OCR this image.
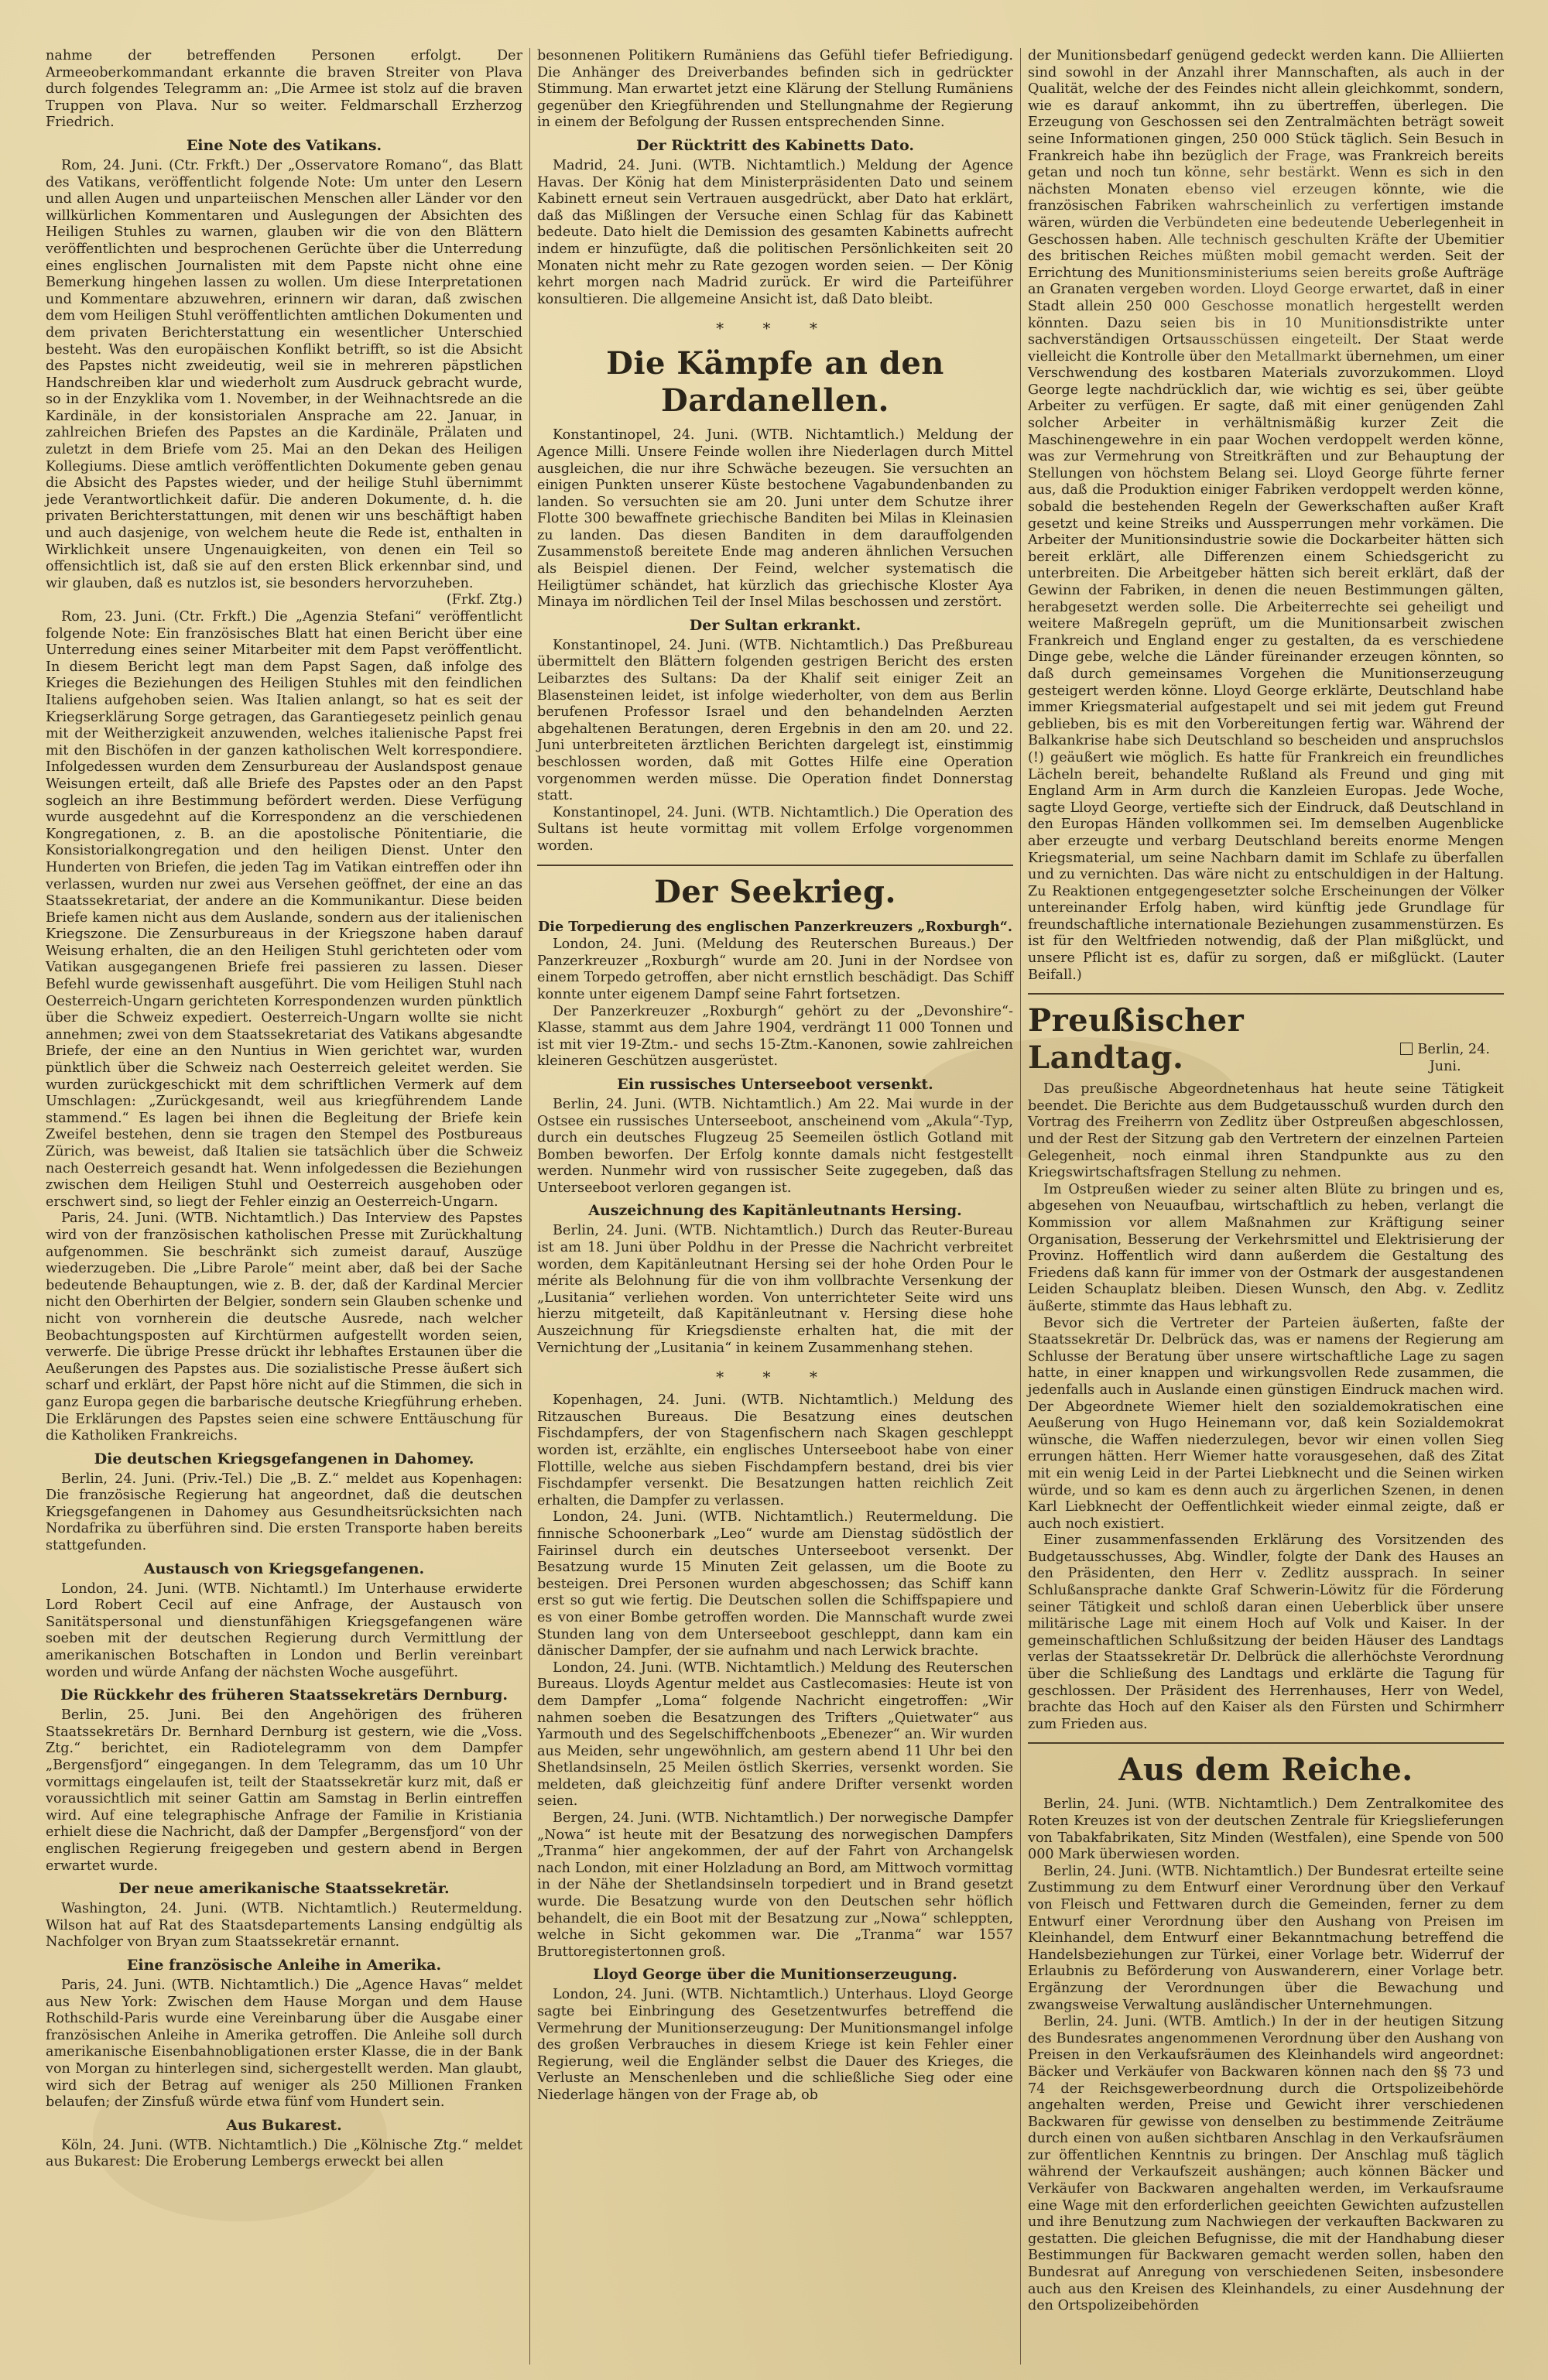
nahme der betreffenden Personen erfolgt. Der Armeeoberkommandant erkannte die braven Streiter von Plava durch folgendes Telegramm an: „Die Armee ist stolz auf die braven Truppen von Plava. Nur so weiter. Feldmarschall Erzherzog Friedrich.

Eine Note des Vatikans.

Rom, 24. Juni. (Ctr. Frkft.) Der „Osservatore Romano“, das Blatt des Vatikans, veröffentlicht folgende Note: Um unter den Lesern und allen Augen und unparteiischen Menschen aller Länder vor den willkürlichen Kommentaren und Auslegungen der Absichten des Heiligen Stuhles zu warnen, glauben wir die von den Blättern veröffentlichten und besprochenen Gerüchte über die Unterredung eines englischen Journalisten mit dem Papste nicht ohne eine Bemerkung hingehen lassen zu wollen. Um diese Interpretationen und Kommentare abzuwehren, erinnern wir daran, daß zwischen dem vom Heiligen Stuhl veröffentlichten amtlichen Dokumenten und dem privaten Berichterstattung ein wesentlicher Unterschied besteht. Was den europäischen Konflikt betrifft, so ist die Absicht des Papstes nicht zweideutig, weil sie in mehreren päpstlichen Handschreiben klar und wiederholt zum Ausdruck gebracht wurde, so in der Enzyklika vom 1. November, in der Weihnachtsrede an die Kardinäle, in der konsistorialen Ansprache am 22. Januar, in zahlreichen Briefen des Papstes an die Kardinäle, Prälaten und zuletzt in dem Briefe vom 25. Mai an den Dekan des Heiligen Kollegiums. Diese amtlich veröffentlichten Dokumente geben genau die Absicht des Papstes wieder, und der heilige Stuhl übernimmt jede Verantwortlichkeit dafür. Die anderen Dokumente, d. h. die privaten Berichterstattungen, mit denen wir uns beschäftigt haben und auch dasjenige, von welchem heute die Rede ist, enthalten in Wirklichkeit unsere Ungenauigkeiten, von denen ein Teil so offensichtlich ist, daß sie auf den ersten Blick erkennbar sind, und wir glauben, daß es nutzlos ist, sie besonders hervorzuheben.

(Frkf. Ztg.)

Rom, 23. Juni. (Ctr. Frkft.) Die „Agenzia Stefani“ veröffentlicht folgende Note: Ein französisches Blatt hat einen Bericht über eine Unterredung eines seiner Mitarbeiter mit dem Papst veröffentlicht. In diesem Bericht legt man dem Papst Sagen, daß infolge des Krieges die Beziehungen des Heiligen Stuhles mit den feindlichen Italiens aufgehoben seien. Was Italien anlangt, so hat es seit der Kriegserklärung Sorge getragen, das Garantiegesetz peinlich genau mit der Weitherzigkeit anzuwenden, welches italienische Papst frei mit den Bischöfen in der ganzen katholischen Welt korrespondiere. Infolgedessen wurden dem Zensurbureau der Auslandspost genaue Weisungen erteilt, daß alle Briefe des Papstes oder an den Papst sogleich an ihre Bestimmung befördert werden. Diese Verfügung wurde ausgedehnt auf die Korrespondenz an die verschiedenen Kongregationen, z. B. an die apostolische Pönitentiarie, die Konsistorialkongregation und den heiligen Dienst. Unter den Hunderten von Briefen, die jeden Tag im Vatikan eintreffen oder ihn verlassen, wurden nur zwei aus Versehen geöffnet, der eine an das Staatssekretariat, der andere an die Kommunikantur. Diese beiden Briefe kamen nicht aus dem Auslande, sondern aus der italienischen Kriegszone. Die Zensurbureaus in der Kriegszone haben darauf Weisung erhalten, die an den Heiligen Stuhl gerichteten oder vom Vatikan ausgegangenen Briefe frei passieren zu lassen. Dieser Befehl wurde gewissenhaft ausgeführt. Die vom Heiligen Stuhl nach Oesterreich-Ungarn gerichteten Korrespondenzen wurden pünktlich über die Schweiz expediert. Oesterreich-Ungarn wollte sie nicht annehmen; zwei von dem Staatssekretariat des Vatikans abgesandte Briefe, der eine an den Nuntius in Wien gerichtet war, wurden pünktlich über die Schweiz nach Oesterreich geleitet werden. Sie wurden zurückgeschickt mit dem schriftlichen Vermerk auf dem Umschlagen: „Zurückgesandt, weil aus kriegführendem Lande stammend.“ Es lagen bei ihnen die Begleitung der Briefe kein Zweifel bestehen, denn sie tragen den Stempel des Postbureaus Zürich, was beweist, daß Italien sie tatsächlich über die Schweiz nach Oesterreich gesandt hat. Wenn infolgedessen die Beziehungen zwischen dem Heiligen Stuhl und Oesterreich ausgehoben oder erschwert sind, so liegt der Fehler einzig an Oesterreich-Ungarn.

Paris, 24. Juni. (WTB. Nichtamtlich.) Das Interview des Papstes wird von der französischen katholischen Presse mit Zurückhaltung aufgenommen. Sie beschränkt sich zumeist darauf, Auszüge wiederzugeben. Die „Libre Parole“ meint aber, daß bei der Sache bedeutende Behauptungen, wie z. B. der, daß der Kardinal Mercier nicht den Oberhirten der Belgier, sondern sein Glauben schenke und nicht von vornherein die deutsche Ausrede, nach welcher Beobachtungsposten auf Kirchtürmen aufgestellt worden seien, verwerfe. Die übrige Presse drückt ihr lebhaftes Erstaunen über die Aeußerungen des Papstes aus. Die sozialistische Presse äußert sich scharf und erklärt, der Papst höre nicht auf die Stimmen, die sich in ganz Europa gegen die barbarische deutsche Kriegführung erheben. Die Erklärungen des Papstes seien eine schwere Enttäuschung für die Katholiken Frankreichs.

Die deutschen Kriegsgefangenen in Dahomey.

Berlin, 24. Juni. (Priv.-Tel.) Die „B. Z.“ meldet aus Kopenhagen: Die französische Regierung hat angeordnet, daß die deutschen Kriegsgefangenen in Dahomey aus Gesundheitsrücksichten nach Nordafrika zu überführen sind. Die ersten Transporte haben bereits stattgefunden.

Austausch von Kriegsgefangenen.

London, 24. Juni. (WTB. Nichtamtl.) Im Unterhause erwiderte Lord Robert Cecil auf eine Anfrage, der Austausch von Sanitätspersonal und dienstunfähigen Kriegsgefangenen wäre soeben mit der deutschen Regierung durch Vermittlung der amerikanischen Botschaften in London und Berlin vereinbart worden und würde Anfang der nächsten Woche ausgeführt.

Die Rückkehr des früheren Staatssekretärs Dernburg.

Berlin, 25. Juni. Bei den Angehörigen des früheren Staatssekretärs Dr. Bernhard Dernburg ist gestern, wie die „Voss. Ztg.“ berichtet, ein Radiotelegramm von dem Dampfer „Bergensfjord“ eingegangen. In dem Telegramm, das um 10 Uhr vormittags eingelaufen ist, teilt der Staatssekretär kurz mit, daß er voraussichtlich mit seiner Gattin am Samstag in Berlin eintreffen wird. Auf eine telegraphische Anfrage der Familie in Kristiania erhielt diese die Nachricht, daß der Dampfer „Bergensfjord“ von der englischen Regierung freigegeben und gestern abend in Bergen erwartet wurde.

Der neue amerikanische Staatssekretär.

Washington, 24. Juni. (WTB. Nichtamtlich.) Reutermeldung. Wilson hat auf Rat des Staatsdepartements Lansing endgültig als Nachfolger von Bryan zum Staatssekretär ernannt.

Eine französische Anleihe in Amerika.

Paris, 24. Juni. (WTB. Nichtamtlich.) Die „Agence Havas“ meldet aus New York: Zwischen dem Hause Morgan und dem Hause Rothschild-Paris wurde eine Vereinbarung über die Ausgabe einer französischen Anleihe in Amerika getroffen. Die Anleihe soll durch amerikanische Eisenbahnobligationen erster Klasse, die in der Bank von Morgan zu hinterlegen sind, sichergestellt werden. Man glaubt, wird sich der Betrag auf weniger als 250 Millionen Franken belaufen; der Zinsfuß würde etwa fünf vom Hundert sein.

Aus Bukarest.

Köln, 24. Juni. (WTB. Nichtamtlich.) Die „Kölnische Ztg.“ meldet aus Bukarest: Die Eroberung Lembergs erweckt bei allen

besonnenen Politikern Rumäniens das Gefühl tiefer Befriedigung. Die Anhänger des Dreiverbandes befinden sich in gedrückter Stimmung. Man erwartet jetzt eine Klärung der Stellung Rumäniens gegenüber den Kriegführenden und Stellungnahme der Regierung in einem der Befolgung der Russen entsprechenden Sinne.

Der Rücktritt des Kabinetts Dato.

Madrid, 24. Juni. (WTB. Nichtamtlich.) Meldung der Agence Havas. Der König hat dem Ministerpräsidenten Dato und seinem Kabinett erneut sein Vertrauen ausgedrückt, aber Dato hat erklärt, daß das Mißlingen der Versuche einen Schlag für das Kabinett bedeute. Dato hielt die Demission des gesamten Kabinetts aufrecht indem er hinzufügte, daß die politischen Persönlichkeiten seit 20 Monaten nicht mehr zu Rate gezogen worden seien. — Der König kehrt morgen nach Madrid zurück. Er wird die Parteiführer konsultieren. Die allgemeine Ansicht ist, daß Dato bleibt.

* * *
Die Kämpfe an den Dardanellen.

Konstantinopel, 24. Juni. (WTB. Nichtamtlich.) Meldung der Agence Milli. Unsere Feinde wollen ihre Niederlagen durch Mittel ausgleichen, die nur ihre Schwäche bezeugen. Sie versuchten an einigen Punkten unserer Küste bestochene Vagabundenbanden zu landen. So versuchten sie am 20. Juni unter dem Schutze ihrer Flotte 300 bewaffnete griechische Banditen bei Milas in Kleinasien zu landen. Das diesen Banditen in dem darauffolgenden Zusammenstoß bereitete Ende mag anderen ähnlichen Versuchen als Beispiel dienen. Der Feind, welcher systematisch die Heiligtümer schändet, hat kürzlich das griechische Kloster Aya Minaya im nördlichen Teil der Insel Milas beschossen und zerstört.

Der Sultan erkrankt.

Konstantinopel, 24. Juni. (WTB. Nichtamtlich.) Das Preßbureau übermittelt den Blättern folgenden gestrigen Bericht des ersten Leibarztes des Sultans: Da der Khalif seit einiger Zeit an Blasensteinen leidet, ist infolge wiederholter, von dem aus Berlin berufenen Professor Israel und den behandelnden Aerzten abgehaltenen Beratungen, deren Ergebnis in den am 20. und 22. Juni unterbreiteten ärztlichen Berichten dargelegt ist, einstimmig beschlossen worden, daß mit Gottes Hilfe eine Operation vorgenommen werden müsse. Die Operation findet Donnerstag statt.

Konstantinopel, 24. Juni. (WTB. Nichtamtlich.) Die Operation des Sultans ist heute vormittag mit vollem Erfolge vorgenommen worden.

Der Seekrieg.
Die Torpedierung des englischen Panzerkreuzers „Roxburgh“.

London, 24. Juni. (Meldung des Reuterschen Bureaus.) Der Panzerkreuzer „Roxburgh“ wurde am 20. Juni in der Nordsee von einem Torpedo getroffen, aber nicht ernstlich beschädigt. Das Schiff konnte unter eigenem Dampf seine Fahrt fortsetzen.

Der Panzerkreuzer „Roxburgh“ gehört zu der „Devonshire“-Klasse, stammt aus dem Jahre 1904, verdrängt 11 000 Tonnen und ist mit vier 19-Ztm.- und sechs 15-Ztm.-Kanonen, sowie zahlreichen kleineren Geschützen ausgerüstet.

Ein russisches Unterseeboot versenkt.

Berlin, 24. Juni. (WTB. Nichtamtlich.) Am 22. Mai wurde in der Ostsee ein russisches Unterseeboot, anscheinend vom „Akula“-Typ, durch ein deutsches Flugzeug 25 Seemeilen östlich Gotland mit Bomben beworfen. Der Erfolg konnte damals nicht festgestellt werden. Nunmehr wird von russischer Seite zugegeben, daß das Unterseeboot verloren gegangen ist.

Auszeichnung des Kapitänleutnants Hersing.

Berlin, 24. Juni. (WTB. Nichtamtlich.) Durch das Reuter-Bureau ist am 18. Juni über Poldhu in der Presse die Nachricht verbreitet worden, dem Kapitänleutnant Hersing sei der hohe Orden Pour le mérite als Belohnung für die von ihm vollbrachte Versenkung der „Lusitania“ verliehen worden. Von unterrichteter Seite wird uns hierzu mitgeteilt, daß Kapitänleutnant v. Hersing diese hohe Auszeichnung für Kriegsdienste erhalten hat, die mit der Vernichtung der „Lusitania“ in keinem Zusammenhang stehen.

* * *

Kopenhagen, 24. Juni. (WTB. Nichtamtlich.) Meldung des Ritzauschen Bureaus. Die Besatzung eines deutschen Fischdampfers, der von Stagenfischern nach Skagen geschleppt worden ist, erzählte, ein englisches Unterseeboot habe von einer Flottille, welche aus sieben Fischdampfern bestand, drei bis vier Fischdampfer versenkt. Die Besatzungen hatten reichlich Zeit erhalten, die Dampfer zu verlassen.

London, 24. Juni. (WTB. Nichtamtlich.) Reutermeldung. Die finnische Schoonerbark „Leo“ wurde am Dienstag südöstlich der Fairinsel durch ein deutsches Unterseeboot versenkt. Der Besatzung wurde 15 Minuten Zeit gelassen, um die Boote zu besteigen. Drei Personen wurden abgeschossen; das Schiff kann erst so gut wie fertig. Die Deutschen sollen die Schiffspapiere und es von einer Bombe getroffen worden. Die Mannschaft wurde zwei Stunden lang von dem Unterseeboot geschleppt, dann kam ein dänischer Dampfer, der sie aufnahm und nach Lerwick brachte.

London, 24. Juni. (WTB. Nichtamtlich.) Meldung des Reuterschen Bureaus. Lloyds Agentur meldet aus Castlecomasies: Heute ist von dem Dampfer „Loma“ folgende Nachricht eingetroffen: „Wir nahmen soeben die Besatzungen des Trifters „Quietwater“ aus Yarmouth und des Segelschiffchenboots „Ebenezer“ an. Wir wurden aus Meiden, sehr ungewöhnlich, am gestern abend 11 Uhr bei den Shetlandsinseln, 25 Meilen östlich Skerries, versenkt worden. Sie meldeten, daß gleichzeitig fünf andere Drifter versenkt worden seien.

Bergen, 24. Juni. (WTB. Nichtamtlich.) Der norwegische Dampfer „Nowa“ ist heute mit der Besatzung des norwegischen Dampfers „Tranma“ hier angekommen, der auf der Fahrt von Archangelsk nach London, mit einer Holzladung an Bord, am Mittwoch vormittag in der Nähe der Shetlandsinseln torpediert und in Brand gesetzt wurde. Die Besatzung wurde von den Deutschen sehr höflich behandelt, die ein Boot mit der Besatzung zur „Nowa“ schleppten, welche in Sicht gekommen war. Die „Tranma“ war 1557 Bruttoregistertonnen groß.

Lloyd George über die Munitionserzeugung.

London, 24. Juni. (WTB. Nichtamtlich.) Unterhaus. Lloyd George sagte bei Einbringung des Gesetzentwurfes betreffend die Vermehrung der Munitionserzeugung: Der Munitionsmangel infolge des großen Verbrauches in diesem Kriege ist kein Fehler einer Regierung, weil die Engländer selbst die Dauer des Krieges, die Verluste an Menschenleben und die schließliche Sieg oder eine Niederlage hängen von der Frage ab, ob

der Munitionsbedarf genügend gedeckt werden kann. Die Alliierten sind sowohl in der Anzahl ihrer Mannschaften, als auch in der Qualität, welche der des Feindes nicht allein gleichkommt, sondern, wie es darauf ankommt, ihn zu übertreffen, überlegen. Die Erzeugung von Geschossen sei den Zentralmächten beträgt soweit seine Informationen gingen, 250 000 Stück täglich. Sein Besuch in Frankreich habe ihn bezüglich der Frage, was Frankreich bereits getan und noch tun könne, sehr bestärkt. Wenn es sich in den nächsten Monaten ebenso viel erzeugen könnte, wie die französischen Fabriken wahrscheinlich zu verfertigen imstande wären, würden die Verbündeten eine bedeutende Ueberlegenheit in Geschossen haben. Alle technisch geschulten Kräfte der Ubemitier des britischen Reiches müßten mobil gemacht werden. Seit der Errichtung des Munitionsministeriums seien bereits große Aufträge an Granaten vergeben worden. Lloyd George erwartet, daß in einer Stadt allein 250 000 Geschosse monatlich hergestellt werden könnten. Dazu seien bis in 10 Munitionsdistrikte unter sachverständigen Ortsausschüssen eingeteilt. Der Staat werde vielleicht die Kontrolle über den Metallmarkt übernehmen, um einer Verschwendung des kostbaren Materials zuvorzukommen. Lloyd George legte nachdrücklich dar, wie wichtig es sei, über geübte Arbeiter zu verfügen. Er sagte, daß mit einer genügenden Zahl solcher Arbeiter in verhältnismäßig kurzer Zeit die Maschinengewehre in ein paar Wochen verdoppelt werden könne, was zur Vermehrung von Streitkräften und zur Behauptung der Stellungen von höchstem Belang sei. Lloyd George führte ferner aus, daß die Produktion einiger Fabriken verdoppelt werden könne, sobald die bestehenden Regeln der Gewerkschaften außer Kraft gesetzt und keine Streiks und Aussperrungen mehr vorkämen. Die Arbeiter der Munitionsindustrie sowie die Dockarbeiter hätten sich bereit erklärt, alle Differenzen einem Schiedsgericht zu unterbreiten. Die Arbeitgeber hätten sich bereit erklärt, daß der Gewinn der Fabriken, in denen die neuen Bestimmungen gälten, herabgesetzt werden solle. Die Arbeiterrechte sei geheiligt und weitere Maßregeln geprüft, um die Munitionsarbeit zwischen Frankreich und England enger zu gestalten, da es verschiedene Dinge gebe, welche die Länder füreinander erzeugen könnten, so daß durch gemeinsames Vorgehen die Munitionserzeugung gesteigert werden könne. Lloyd George erklärte, Deutschland habe immer Kriegsmaterial aufgestapelt und sei mit jedem gut Freund geblieben, bis es mit den Vorbereitungen fertig war. Während der Balkankrise habe sich Deutschland so bescheiden und anspruchslos (!) geäußert wie möglich. Es hatte für Frankreich ein freundliches Lächeln bereit, behandelte Rußland als Freund und ging mit England Arm in Arm durch die Kanzleien Europas. Jede Woche, sagte Lloyd George, vertiefte sich der Eindruck, daß Deutschland in den Europas Händen vollkommen sei. Im demselben Augenblicke aber erzeugte und verbarg Deutschland bereits enorme Mengen Kriegsmaterial, um seine Nachbarn damit im Schlafe zu überfallen und zu vernichten. Das wäre nicht zu entschuldigen in der Haltung. Zu Reaktionen entgegengesetzter solche Erscheinungen der Völker untereinander Erfolg haben, wird künftig jede Grundlage für freundschaftliche internationale Beziehungen zusammenstürzen. Es ist für den Weltfrieden notwendig, daß der Plan mißglückt, und unsere Pflicht ist es, dafür zu sorgen, daß er mißglückt. (Lauter Beifall.)

Preußischer Landtag.	Berlin, 24. Juni.

Das preußische Abgeordnetenhaus hat heute seine Tätigkeit beendet. Die Berichte aus dem Budgetausschuß wurden durch den Vortrag des Freiherrn von Zedlitz über Ostpreußen abgeschlossen, und der Rest der Sitzung gab den Vertretern der einzelnen Parteien Gelegenheit, noch einmal ihren Standpunkte aus zu den Kriegswirtschaftsfragen Stellung zu nehmen.

Im Ostpreußen wieder zu seiner alten Blüte zu bringen und es, abgesehen von Neuaufbau, wirtschaftlich zu heben, verlangt die Kommission vor allem Maßnahmen zur Kräftigung seiner Organisation, Besserung der Verkehrsmittel und Elektrisierung der Provinz. Hoffentlich wird dann außerdem die Gestaltung des Friedens daß kann für immer von der Ostmark der ausgestandenen Leiden Schauplatz bleiben. Diesen Wunsch, den Abg. v. Zedlitz äußerte, stimmte das Haus lebhaft zu.

Bevor sich die Vertreter der Parteien äußerten, faßte der Staatssekretär Dr. Delbrück das, was er namens der Regierung am Schlusse der Beratung über unsere wirtschaftliche Lage zu sagen hatte, in einer knappen und wirkungsvollen Rede zusammen, die jedenfalls auch in Auslande einen günstigen Eindruck machen wird. Der Abgeordnete Wiemer hielt den sozialdemokratischen eine Aeußerung von Hugo Heinemann vor, daß kein Sozialdemokrat wünsche, die Waffen niederzulegen, bevor wir einen vollen Sieg errungen hätten. Herr Wiemer hatte vorausgesehen, daß des Zitat mit ein wenig Leid in der Partei Liebknecht und die Seinen wirken würde, und so kam es denn auch zu ärgerlichen Szenen, in denen Karl Liebknecht der Oeffentlichkeit wieder einmal zeigte, daß er auch noch existiert.

Einer zusammenfassenden Erklärung des Vorsitzenden des Budgetausschusses, Abg. Windler, folgte der Dank des Hauses an den Präsidenten, den Herr v. Zedlitz aussprach. In seiner Schlußansprache dankte Graf Schwerin-Löwitz für die Förderung seiner Tätigkeit und schloß daran einen Ueberblick über unsere militärische Lage mit einem Hoch auf Volk und Kaiser. In der gemeinschaftlichen Schlußsitzung der beiden Häuser des Landtags verlas der Staatssekretär Dr. Delbrück die allerhöchste Verordnung über die Schließung des Landtags und erklärte die Tagung für geschlossen. Der Präsident des Herrenhauses, Herr von Wedel, brachte das Hoch auf den Kaiser als den Fürsten und Schirmherr zum Frieden aus.

Aus dem Reiche.

Berlin, 24. Juni. (WTB. Nichtamtlich.) Dem Zentralkomitee des Roten Kreuzes ist von der deutschen Zentrale für Kriegslieferungen von Tabakfabrikaten, Sitz Minden (Westfalen), eine Spende von 500 000 Mark überwiesen worden.

Berlin, 24. Juni. (WTB. Nichtamtlich.) Der Bundesrat erteilte seine Zustimmung zu dem Entwurf einer Verordnung über den Verkauf von Fleisch und Fettwaren durch die Gemeinden, ferner zu dem Entwurf einer Verordnung über den Aushang von Preisen im Kleinhandel, dem Entwurf einer Bekanntmachung betreffend die Handelsbeziehungen zur Türkei, einer Vorlage betr. Widerruf der Erlaubnis zu Beförderung von Auswanderern, einer Vorlage betr. Ergänzung der Verordnungen über die Bewachung und zwangsweise Verwaltung ausländischer Unternehmungen.

Berlin, 24. Juni. (WTB. Amtlich.) In der in der heutigen Sitzung des Bundesrates angenommenen Verordnung über den Aushang von Preisen in den Verkaufsräumen des Kleinhandels wird angeordnet: Bäcker und Verkäufer von Backwaren können nach den §§ 73 und 74 der Reichsgewerbeordnung durch die Ortspolizeibehörde angehalten werden, Preise und Gewicht ihrer verschiedenen Backwaren für gewisse von denselben zu bestimmende Zeiträume durch einen von außen sichtbaren Anschlag in den Verkaufsräumen zur öffentlichen Kenntnis zu bringen. Der Anschlag muß täglich während der Verkaufszeit aushängen; auch können Bäcker und Verkäufer von Backwaren angehalten werden, im Verkaufsraume eine Wage mit den erforderlichen geeichten Gewichten aufzustellen und ihre Benutzung zum Nachwiegen der verkauften Backwaren zu gestatten. Die gleichen Befugnisse, die mit der Handhabung dieser Bestimmungen für Backwaren gemacht werden sollen, haben den Bundesrat auf Anregung von verschiedenen Seiten, insbesondere auch aus den Kreisen des Kleinhandels, zu einer Ausdehnung der den Ortspolizeibehörden
